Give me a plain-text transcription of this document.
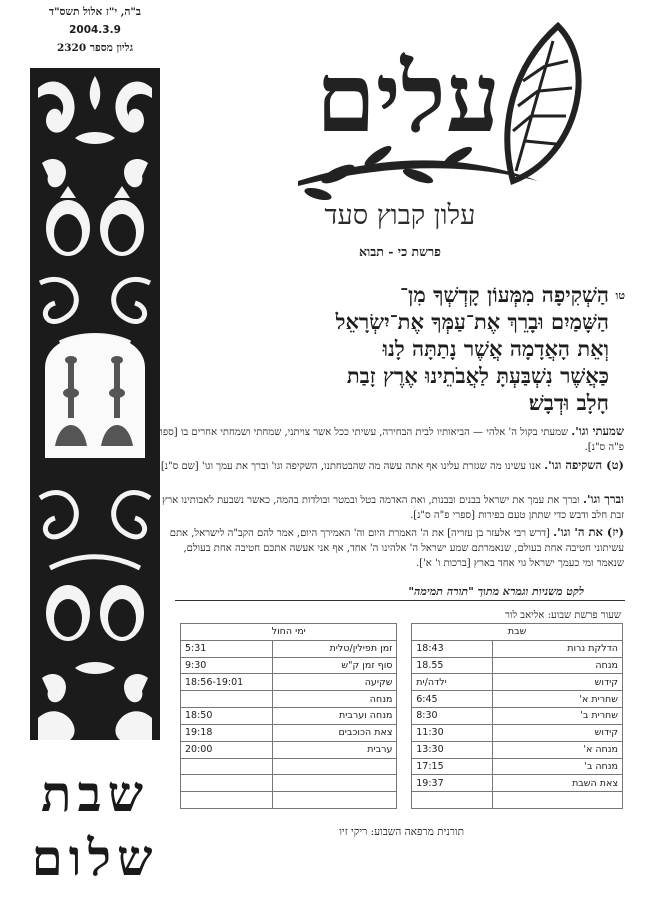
ב"ה, י"ז אלול תשס"ד
2004.3.9
גליון מספר 2320
שבת
שלום
עלים
עלון קבוץ סעד
פרשת כי - תבוא
טו
הַשְׁקִיפָה מִמְּעוֹן קָדְשְׁךָ מִן־
הַשָּׁמַיִם וּבָרֵךְ אֶת־עַמְּךָ אֶת־יִשְׂרָאֵל
וְאֵת הָאֲדָמָה אֲשֶׁר נָתַתָּה לָנוּ
כַּאֲשֶׁר נִשְׁבַּעְתָּ לַאֲבֹתֵינוּ אֶרֶץ זָבַת
חָלָב וּדְבָשׁ׃
שמעתי וגו'. שמעתי בקול ה' אלהי — הביאותיו לבית הבחירה, עשיתי ככל אשר צויתני, שמחתי ושמחתי אחרים בו [ספרי פ"ה ס"נ].
(ט) השקיפה וגו'. אנו עשינו מה שגזרת עלינו אף אתה עשה מה שהבטחתנו, השקיפה וגו' וברך את עמך וגו' [שם ס"נ].
וברך וגו'. וברך את עמך את ישראל בבנים ובבנות, ואת האדמה בטל ובמטר ובולדות בהמה, כאשר נשבעת לאבותינו ארץ זבת חלב ודבש כדי שתתן טעם בפירות [ספרי פ"ה ס"נ].
(יז) את ה' וגו'. [דרש רבי אלעזר בן עזריה] את ה' האמרת היום וה' האמירך היום, אמר להם הקב"ה לישראל, אתם עשיתוני חטיבה אחת בעולם, שנאמרתם שמע ישראל ה' אלהינו ה' אחד, אף אני אעשה אתכם חטיבה אחת בעולם, שנאמר ומי כעמך ישראל גוי אחד בארץ [ברכות ו' א'].
לקט משניות וגמרא מתוך "תורה תמימה"
שעור פרשת שבוע: אליאב לור
שבת			ימי החול	
הדלקת נרות	18:43		זמן תפילין/טלית	5:31
מנחה	18.55		סוף זמן ק"ש	9:30
קידוש	ילדה/ית		שקיעה	18:56-19:01
שחרית א'	6:45		מנחה	
שחרית ב'	8:30		מנחה וערבית	18:50
קידוש	11:30		צאת הכוכבים	19:18
מנחה א'	13:30		ערבית	20:00
מנחה ב'	17:15			
צאת השבת	19:37			

תורנית מרפאה השבוע: ריקי זיו
